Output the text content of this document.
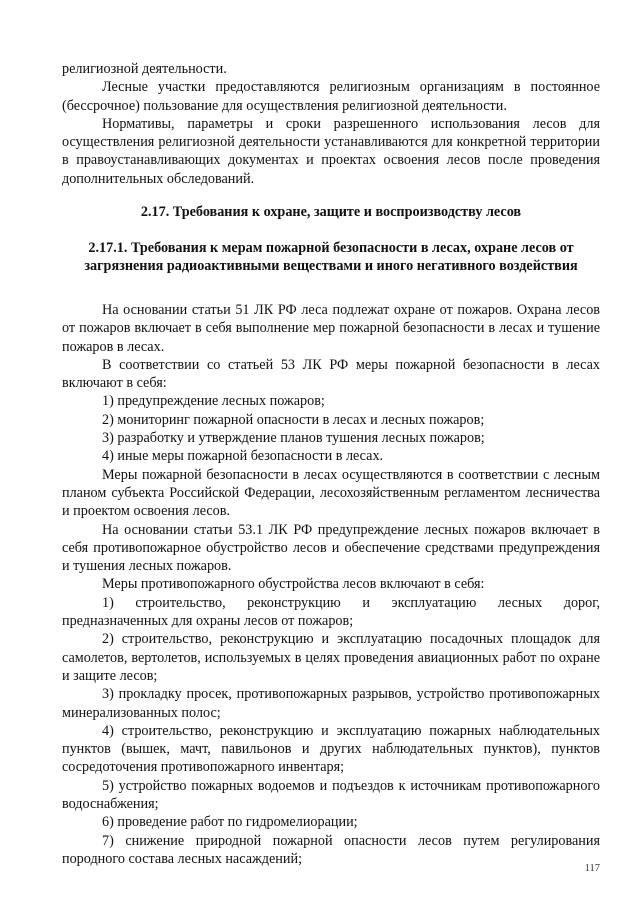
религиозной деятельности.

Лесные участки предоставляются религиозным организациям в постоянное (бессрочное) пользование для осуществления религиозной деятельности.

Нормативы, параметры и сроки разрешенного использования лесов для осуществления религиозной деятельности устанавливаются для конкретной территории в правоустанавливающих документах и проектах освоения лесов после проведения дополнительных обследований.

2.17. Требования к охране, защите и воспроизводству лесов
2.17.1. Требования к мерам пожарной безопасности в лесах, охране лесов от загрязнения радиоактивными веществами и иного негативного воздействия

На основании статьи 51 ЛК РФ леса подлежат охране от пожаров. Охрана лесов от пожаров включает в себя выполнение мер пожарной безопасности в лесах и тушение пожаров в лесах.

В соответствии со статьей 53 ЛК РФ меры пожарной безопасности в лесах включают в себя:

1) предупреждение лесных пожаров;

2) мониторинг пожарной опасности в лесах и лесных пожаров;

3) разработку и утверждение планов тушения лесных пожаров;

4) иные меры пожарной безопасности в лесах.

Меры пожарной безопасности в лесах осуществляются в соответствии с лесным планом субъекта Российской Федерации, лесохозяйственным регламентом лесничества и проектом освоения лесов.

На основании статьи 53.1 ЛК РФ предупреждение лесных пожаров включает в себя противопожарное обустройство лесов и обеспечение средствами предупреждения и тушения лесных пожаров.

Меры противопожарного обустройства лесов включают в себя:

1) строительство, реконструкцию и эксплуатацию лесных дорог, предназначенных для охраны лесов от пожаров;

2) строительство, реконструкцию и эксплуатацию посадочных площадок для самолетов, вертолетов, используемых в целях проведения авиационных работ по охране и защите лесов;

3) прокладку просек, противопожарных разрывов, устройство противопожарных минерализованных полос;

4) строительство, реконструкцию и эксплуатацию пожарных наблюдательных пунктов (вышек, мачт, павильонов и других наблюдательных пунктов), пунктов сосредоточения противопожарного инвентаря;

5) устройство пожарных водоемов и подъездов к источникам противопожарного водоснабжения;

6) проведение работ по гидромелиорации;

7) снижение природной пожарной опасности лесов путем регулирования породного состава лесных насаждений;

117
